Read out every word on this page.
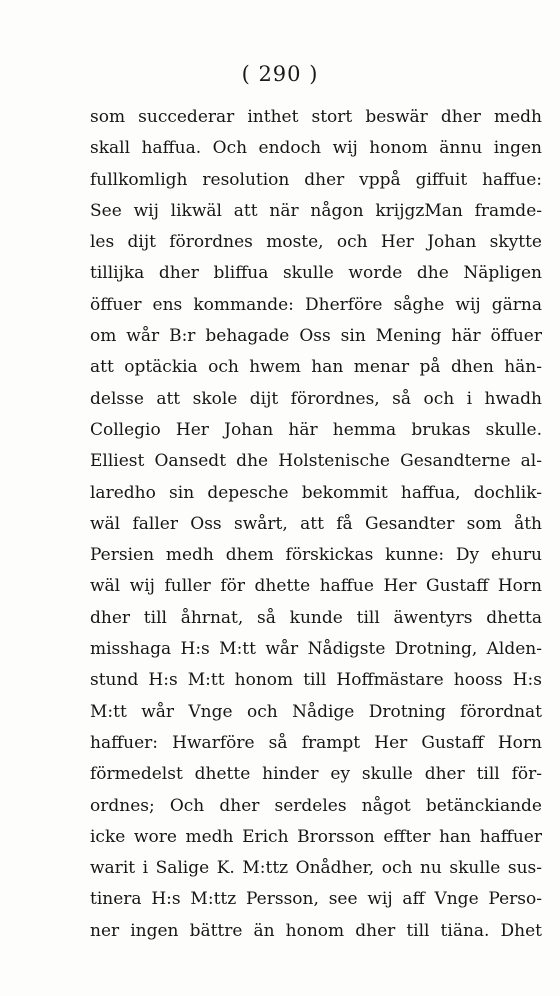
( 290 )
som succederar inthet stort beswär dher medh
skall haffua. Och endoch wij honom ännu ingen
fullkomligh resolution dher vppå giffuit haffue:
See wij likwäl att när någon krijgzMan framde-
les dijt förordnes moste, och Her Johan skytte
tillijka dher bliffua skulle worde dhe Näpligen
öffuer ens kommande: Dherföre såghe wij gärna
om wår B:r behagade Oss sin Mening här öffuer
att optäckia och hwem han menar på dhen hän-
delsse att skole dijt förordnes, så och i hwadh
Collegio Her Johan här hemma brukas skulle.
Elliest Oansedt dhe Holstenische Gesandterne al-
laredho sin depesche bekommit haffua, dochlik-
wäl faller Oss swårt, att få Gesandter som åth
Persien medh dhem förskickas kunne: Dy ehuru
wäl wij fuller för dhette haffue Her Gustaff Horn
dher till åhrnat, så kunde till äwentyrs dhetta
misshaga H:s M:tt wår Nådigste Drotning, Alden-
stund H:s M:tt honom till Hoffmästare hooss H:s
M:tt wår Vnge och Nådige Drotning förordnat
haffuer: Hwarföre så frampt Her Gustaff Horn
förmedelst dhette hinder ey skulle dher till för-
ordnes; Och dher serdeles något betänckiande
icke wore medh Erich Brorsson effter han haffuer
warit i Salige K. M:ttz Onådher, och nu skulle sus-
tinera H:s M:ttz Persson, see wij aff Vnge Perso-
ner ingen bättre än honom dher till tiäna. Dhet
